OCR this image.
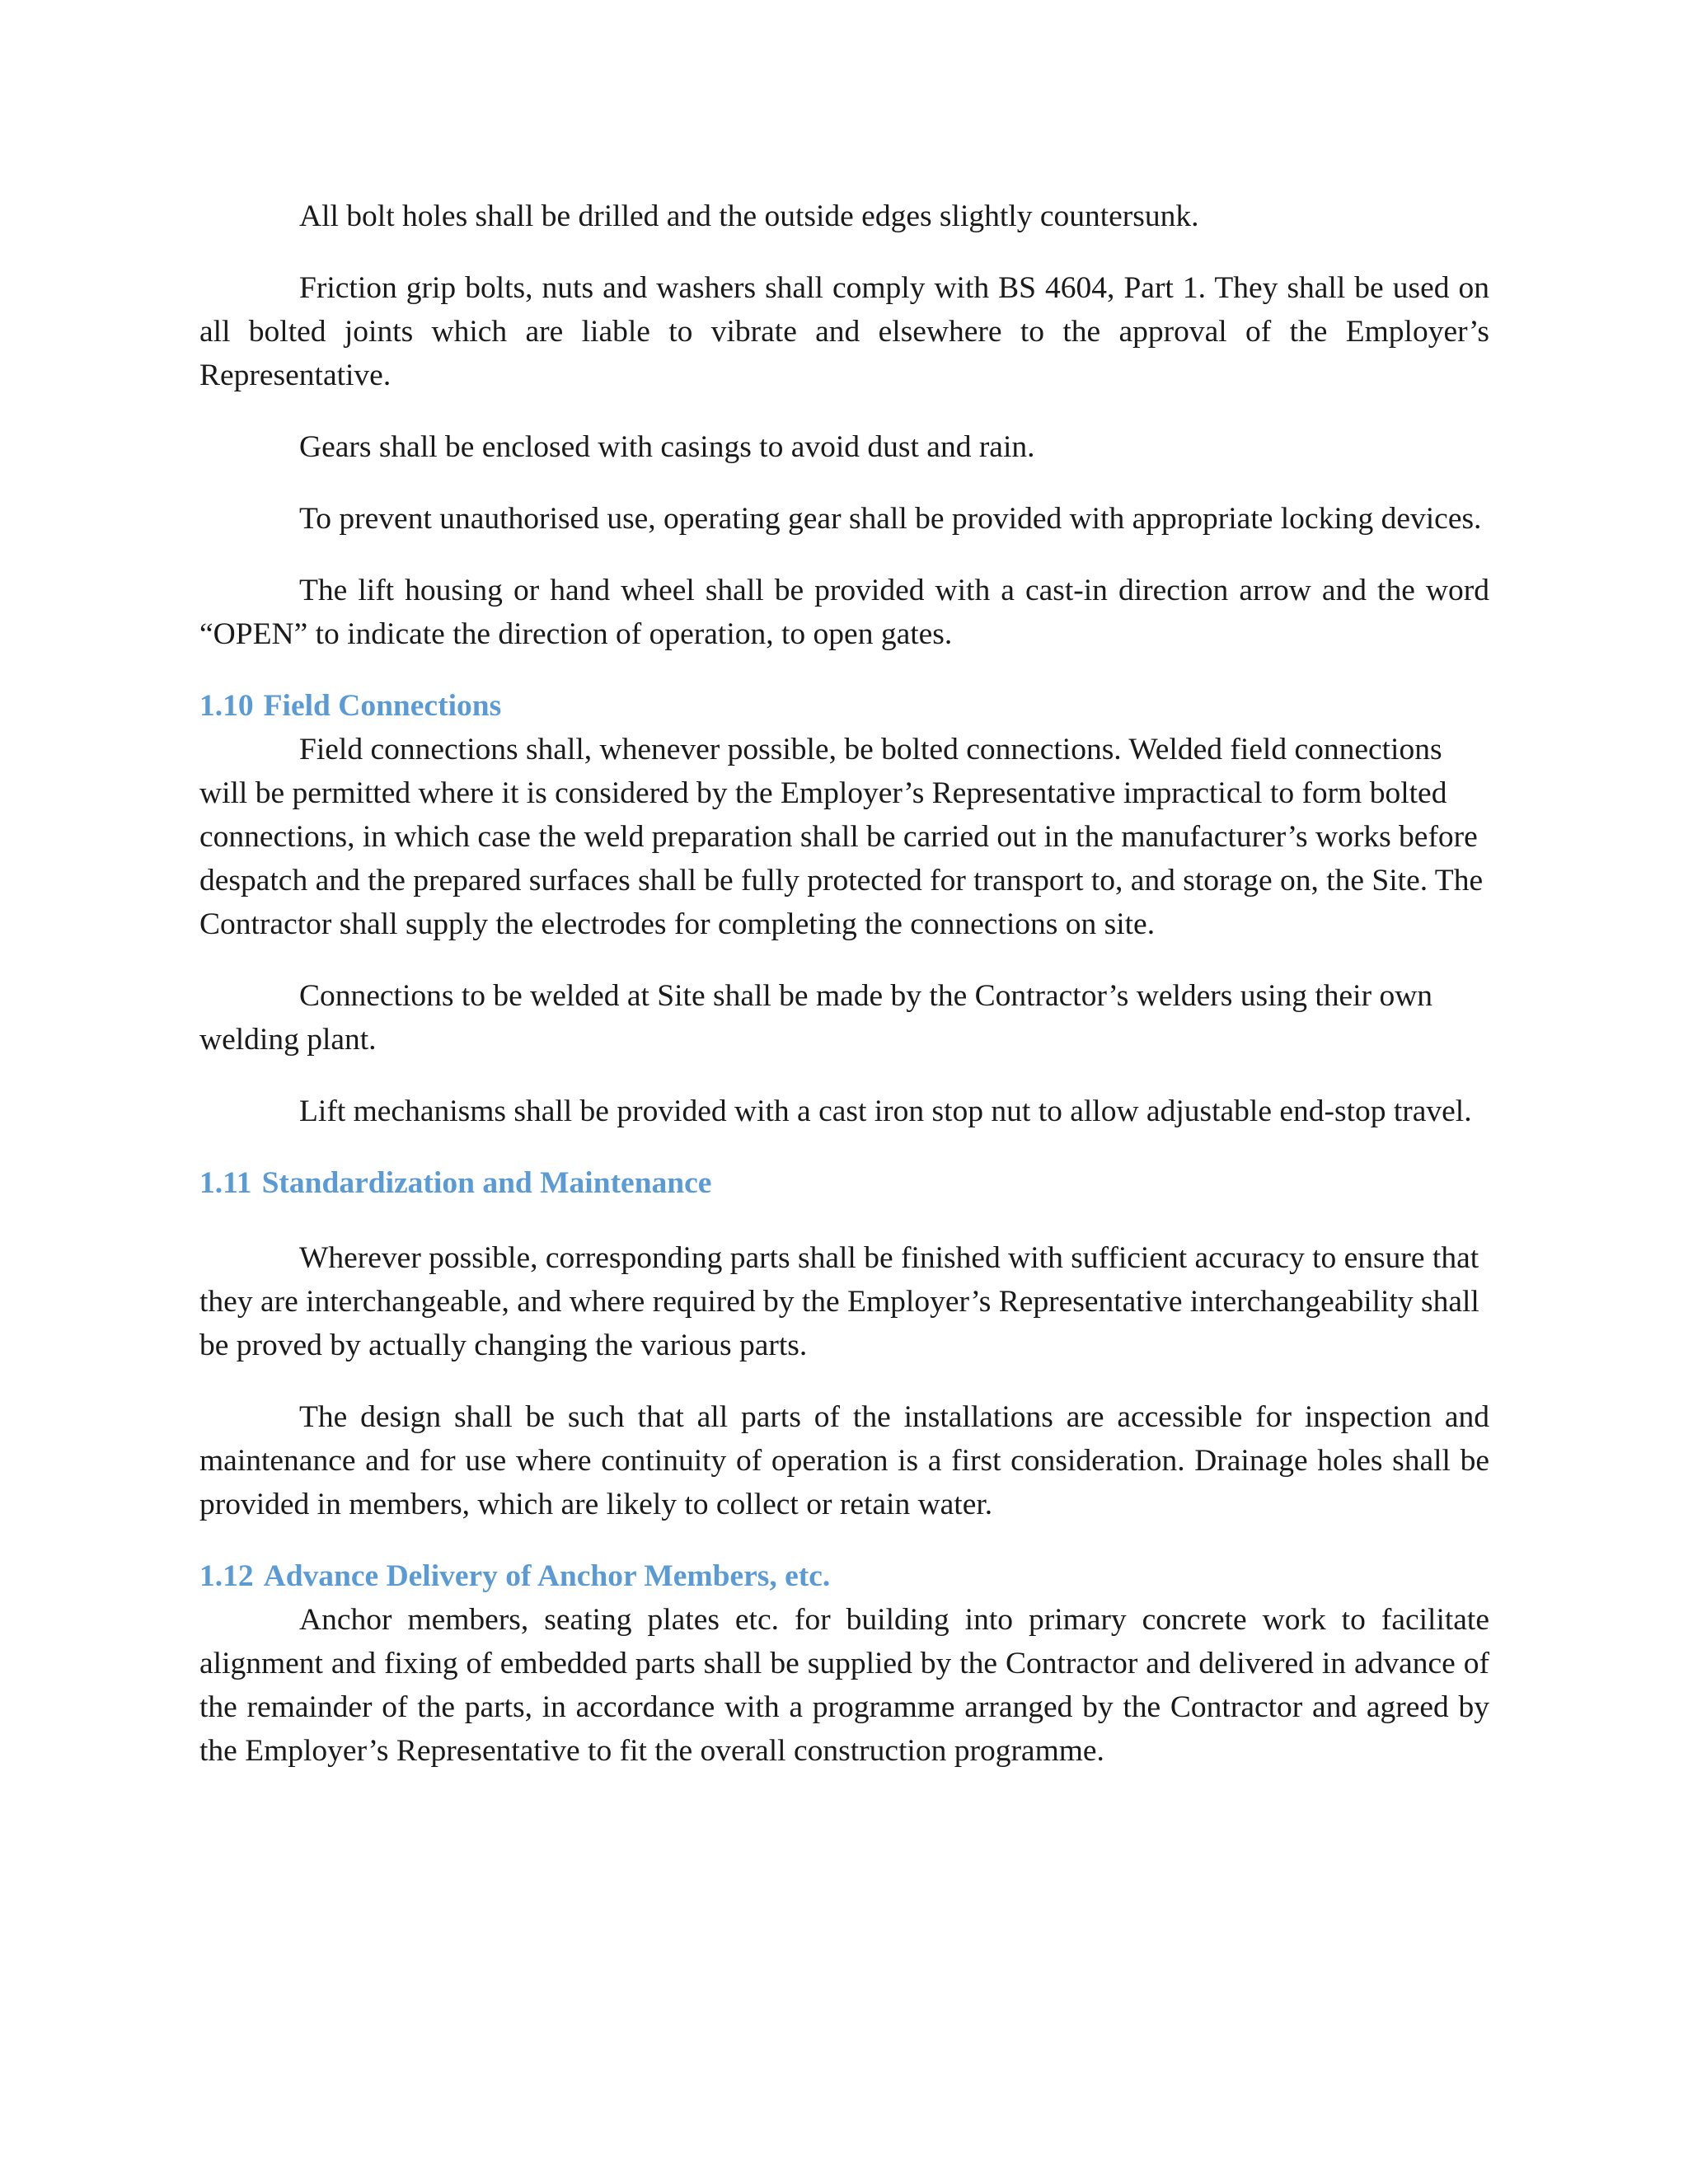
All bolt holes shall be drilled and the outside edges slightly countersunk.

Friction grip bolts, nuts and washers shall comply with BS 4604, Part 1. They shall be used on all bolted joints which are liable to vibrate and elsewhere to the approval of the Employer’s Representative.

Gears shall be enclosed with casings to avoid dust and rain.

To prevent unauthorised use, operating gear shall be provided with appropriate locking devices.

The lift housing or hand wheel shall be provided with a cast-in direction arrow and the word “OPEN” to indicate the direction of operation, to open gates.

1.10 Field Connections

Field connections shall, whenever possible, be bolted connections. Welded field connections will be permitted where it is considered by the Employer’s Representative impractical to form bolted connections, in which case the weld preparation shall be carried out in the manufacturer’s works before despatch and the prepared surfaces shall be fully protected for transport to, and storage on, the Site. The Contractor shall supply the electrodes for completing the connections on site.

Connections to be welded at Site shall be made by the Contractor’s welders using their own welding plant.

Lift mechanisms shall be provided with a cast iron stop nut to allow adjustable end-stop travel.

1.11 Standardization and Maintenance

Wherever possible, corresponding parts shall be finished with sufficient accuracy to ensure that they are interchangeable, and where required by the Employer’s Representative interchangeability shall be proved by actually changing the various parts.

The design shall be such that all parts of the installations are accessible for inspection and maintenance and for use where continuity of operation is a first consideration. Drainage holes shall be provided in members, which are likely to collect or retain water.

1.12 Advance Delivery of Anchor Members, etc.

Anchor members, seating plates etc. for building into primary concrete work to facilitate alignment and fixing of embedded parts shall be supplied by the Contractor and delivered in advance of the remainder of the parts, in accordance with a programme arranged by the Contractor and agreed by the Employer’s Representative to fit the overall construction programme.
